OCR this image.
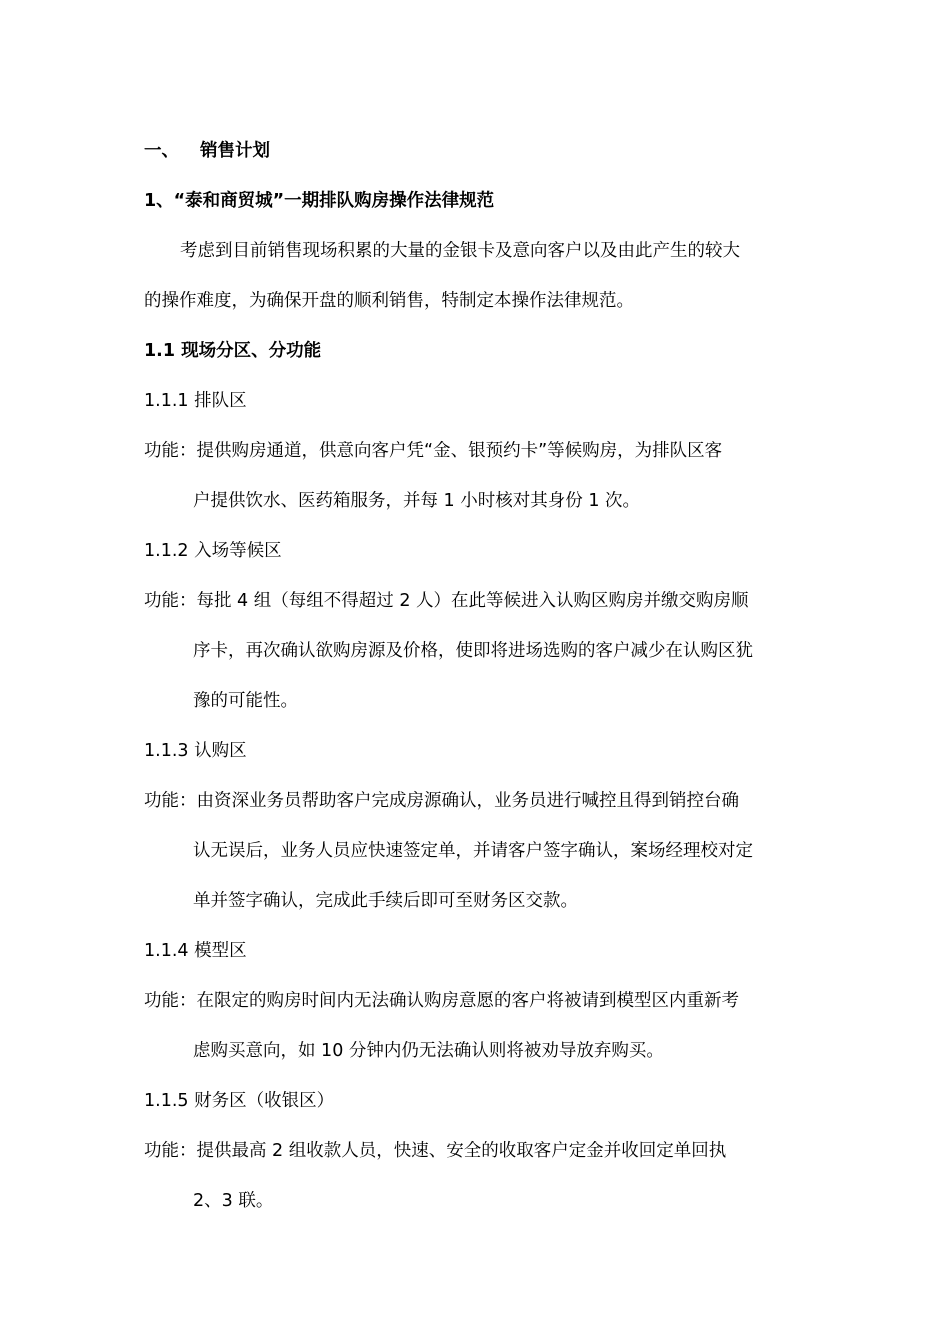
一、 销售计划
1、“泰和商贸城”一期排队购房操作法律规范
考虑到目前销售现场积累的大量的金银卡及意向客户以及由此产生的较大
的操作难度，为确保开盘的顺利销售，特制定本操作法律规范。
1.1 现场分区、分功能
1.1.1 排队区
功能：提供购房通道，供意向客户凭“金、银预约卡”等候购房，为排队区客
户提供饮水、医药箱服务，并每 1 小时核对其身份 1 次。
1.1.2 入场等候区
功能：每批 4 组（每组不得超过 2 人）在此等候进入认购区购房并缴交购房顺
序卡，再次确认欲购房源及价格，使即将进场选购的客户减少在认购区犹
豫的可能性。
1.1.3 认购区
功能：由资深业务员帮助客户完成房源确认，业务员进行喊控且得到销控台确
认无误后，业务人员应快速签定单，并请客户签字确认，案场经理校对定
单并签字确认，完成此手续后即可至财务区交款。
1.1.4 模型区
功能：在限定的购房时间内无法确认购房意愿的客户将被请到模型区内重新考
虑购买意向，如 10 分钟内仍无法确认则将被劝导放弃购买。
1.1.5 财务区（收银区）
功能：提供最高 2 组收款人员，快速、安全的收取客户定金并收回定单回执
2、3 联。
